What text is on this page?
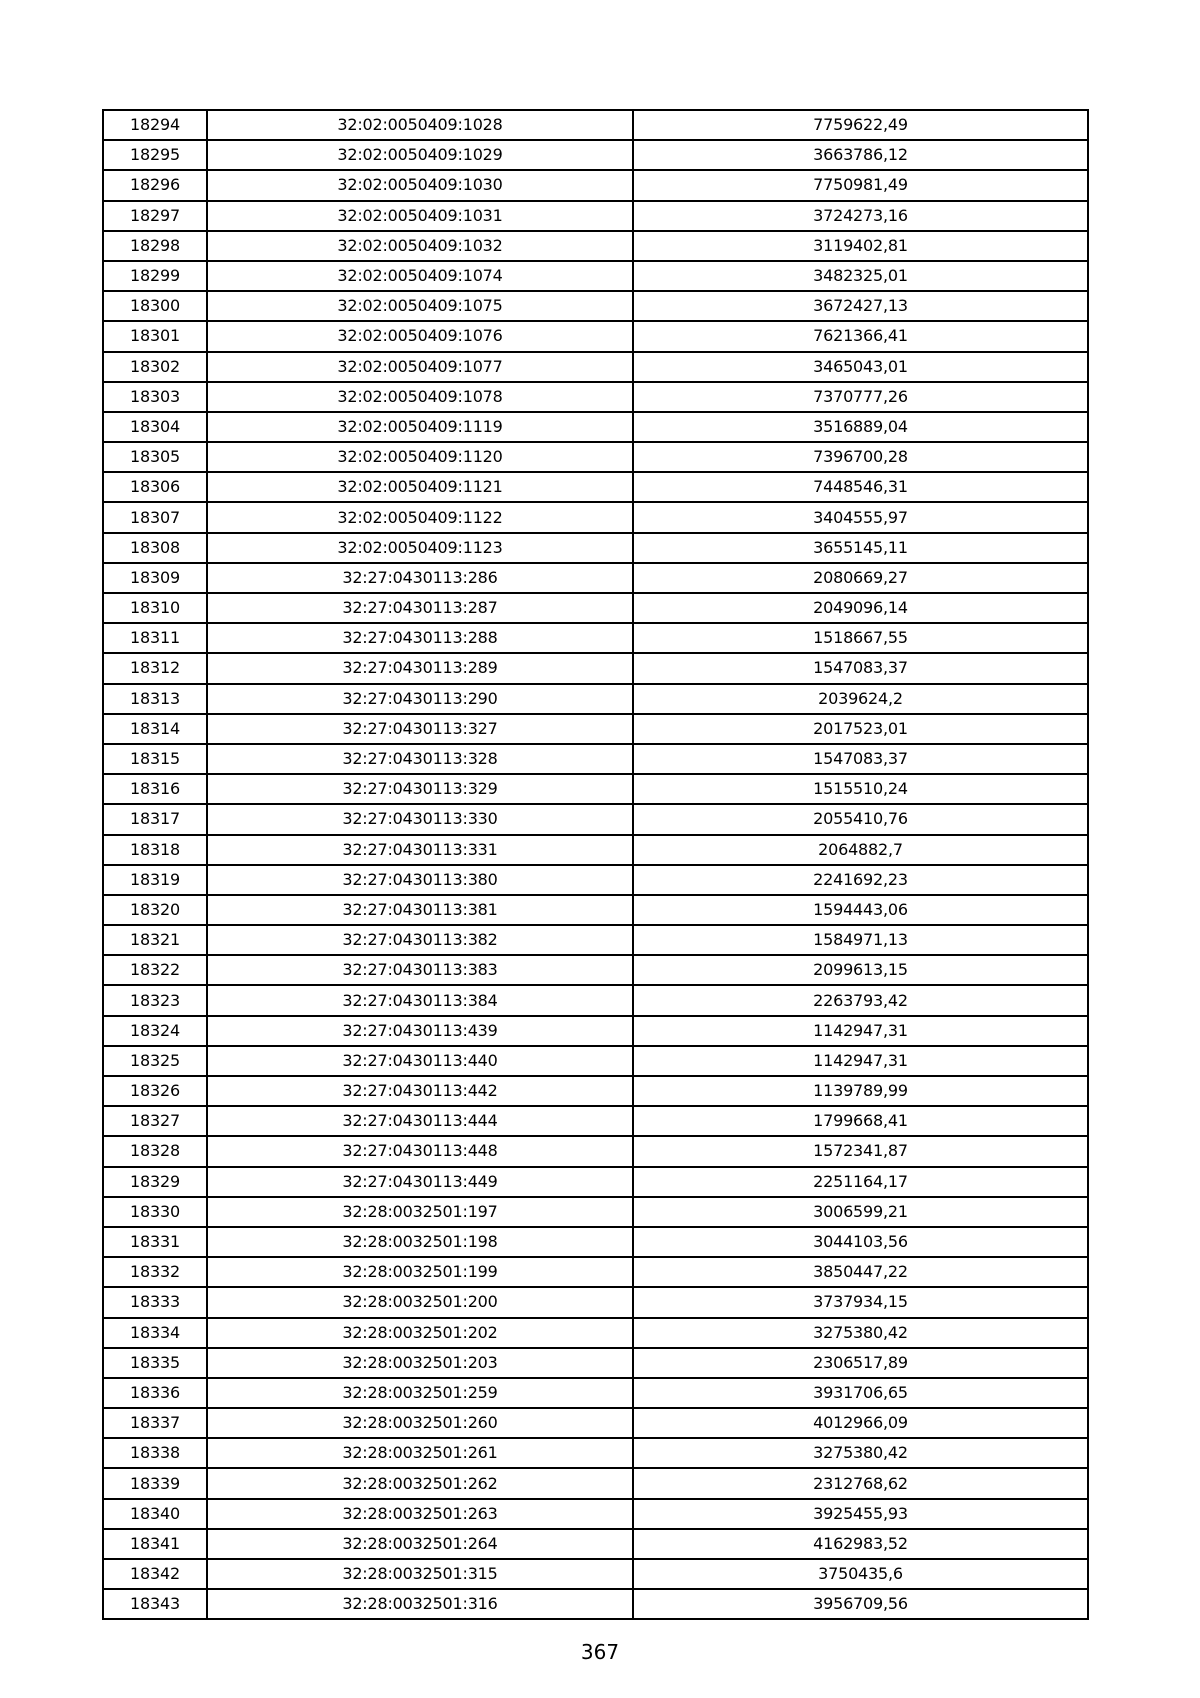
18294	32:02:0050409:1028	7759622,49
18295	32:02:0050409:1029	3663786,12
18296	32:02:0050409:1030	7750981,49
18297	32:02:0050409:1031	3724273,16
18298	32:02:0050409:1032	3119402,81
18299	32:02:0050409:1074	3482325,01
18300	32:02:0050409:1075	3672427,13
18301	32:02:0050409:1076	7621366,41
18302	32:02:0050409:1077	3465043,01
18303	32:02:0050409:1078	7370777,26
18304	32:02:0050409:1119	3516889,04
18305	32:02:0050409:1120	7396700,28
18306	32:02:0050409:1121	7448546,31
18307	32:02:0050409:1122	3404555,97
18308	32:02:0050409:1123	3655145,11
18309	32:27:0430113:286	2080669,27
18310	32:27:0430113:287	2049096,14
18311	32:27:0430113:288	1518667,55
18312	32:27:0430113:289	1547083,37
18313	32:27:0430113:290	2039624,2
18314	32:27:0430113:327	2017523,01
18315	32:27:0430113:328	1547083,37
18316	32:27:0430113:329	1515510,24
18317	32:27:0430113:330	2055410,76
18318	32:27:0430113:331	2064882,7
18319	32:27:0430113:380	2241692,23
18320	32:27:0430113:381	1594443,06
18321	32:27:0430113:382	1584971,13
18322	32:27:0430113:383	2099613,15
18323	32:27:0430113:384	2263793,42
18324	32:27:0430113:439	1142947,31
18325	32:27:0430113:440	1142947,31
18326	32:27:0430113:442	1139789,99
18327	32:27:0430113:444	1799668,41
18328	32:27:0430113:448	1572341,87
18329	32:27:0430113:449	2251164,17
18330	32:28:0032501:197	3006599,21
18331	32:28:0032501:198	3044103,56
18332	32:28:0032501:199	3850447,22
18333	32:28:0032501:200	3737934,15
18334	32:28:0032501:202	3275380,42
18335	32:28:0032501:203	2306517,89
18336	32:28:0032501:259	3931706,65
18337	32:28:0032501:260	4012966,09
18338	32:28:0032501:261	3275380,42
18339	32:28:0032501:262	2312768,62
18340	32:28:0032501:263	3925455,93
18341	32:28:0032501:264	4162983,52
18342	32:28:0032501:315	3750435,6
18343	32:28:0032501:316	3956709,56
367
